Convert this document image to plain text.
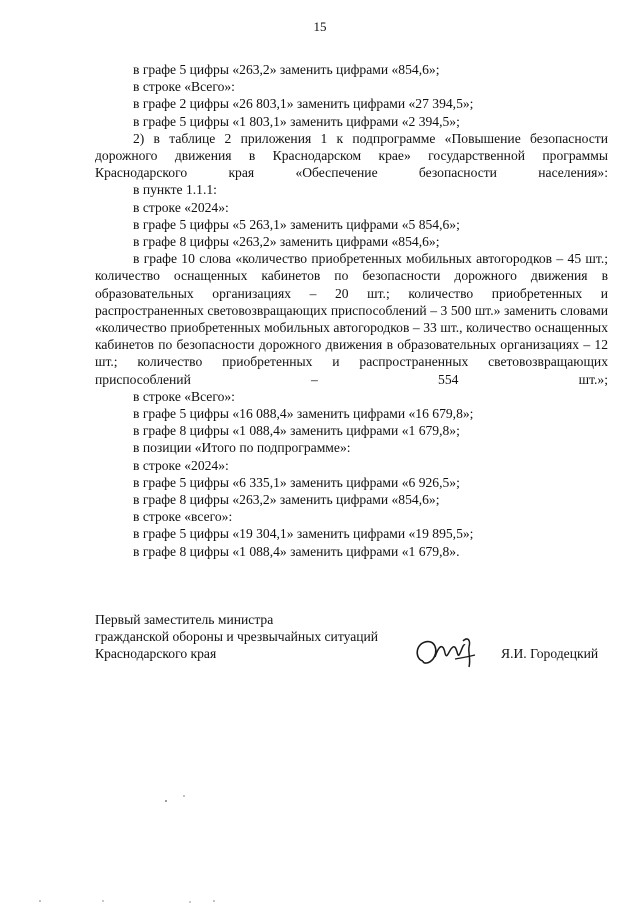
15
в графе 5 цифры «263,2» заменить цифрами «854,6»;
в строке «Всего»:
в графе 2 цифры «26 803,1» заменить цифрами «27 394,5»;
в графе 5 цифры «1 803,1» заменить цифрами «2 394,5»;
2) в таблице 2 приложения 1 к подпрограмме «Повышение безопасности дорожного движения в Краснодарском крае» государственной программы Краснодарского края «Обеспечение безопасности населения»:
в пункте 1.1.1:
в строке «2024»:
в графе 5 цифры «5 263,1» заменить цифрами «5 854,6»;
в графе 8 цифры «263,2» заменить цифрами «854,6»;
в графе 10 слова «количество приобретенных мобильных автогородков – 45 шт.; количество оснащенных кабинетов по безопасности дорожного движения в образовательных организациях – 20 шт.; количество приобретенных и распространенных световозвращающих приспособлений – 3 500 шт.» заменить словами «количество приобретенных мобильных автогородков – 33 шт., количество оснащенных кабинетов по безопасности дорожного движения в образовательных организациях – 12 шт.; количество приобретенных и распространенных световозвращающих приспособлений – 554 шт.»;
в строке «Всего»:
в графе 5 цифры «16 088,4» заменить цифрами «16 679,8»;
в графе 8 цифры «1 088,4» заменить цифрами «1 679,8»;
в позиции «Итого по подпрограмме»:
в строке «2024»:
в графе 5 цифры «6 335,1» заменить цифрами «6 926,5»;
в графе 8 цифры «263,2» заменить цифрами «854,6»;
в строке «всего»:
в графе 5 цифры «19 304,1» заменить цифрами «19 895,5»;
в графе 8 цифры «1 088,4» заменить цифрами «1 679,8».
Первый заместитель министра
гражданской обороны и чрезвычайных ситуаций
Краснодарского края	Я.И. Городецкий
